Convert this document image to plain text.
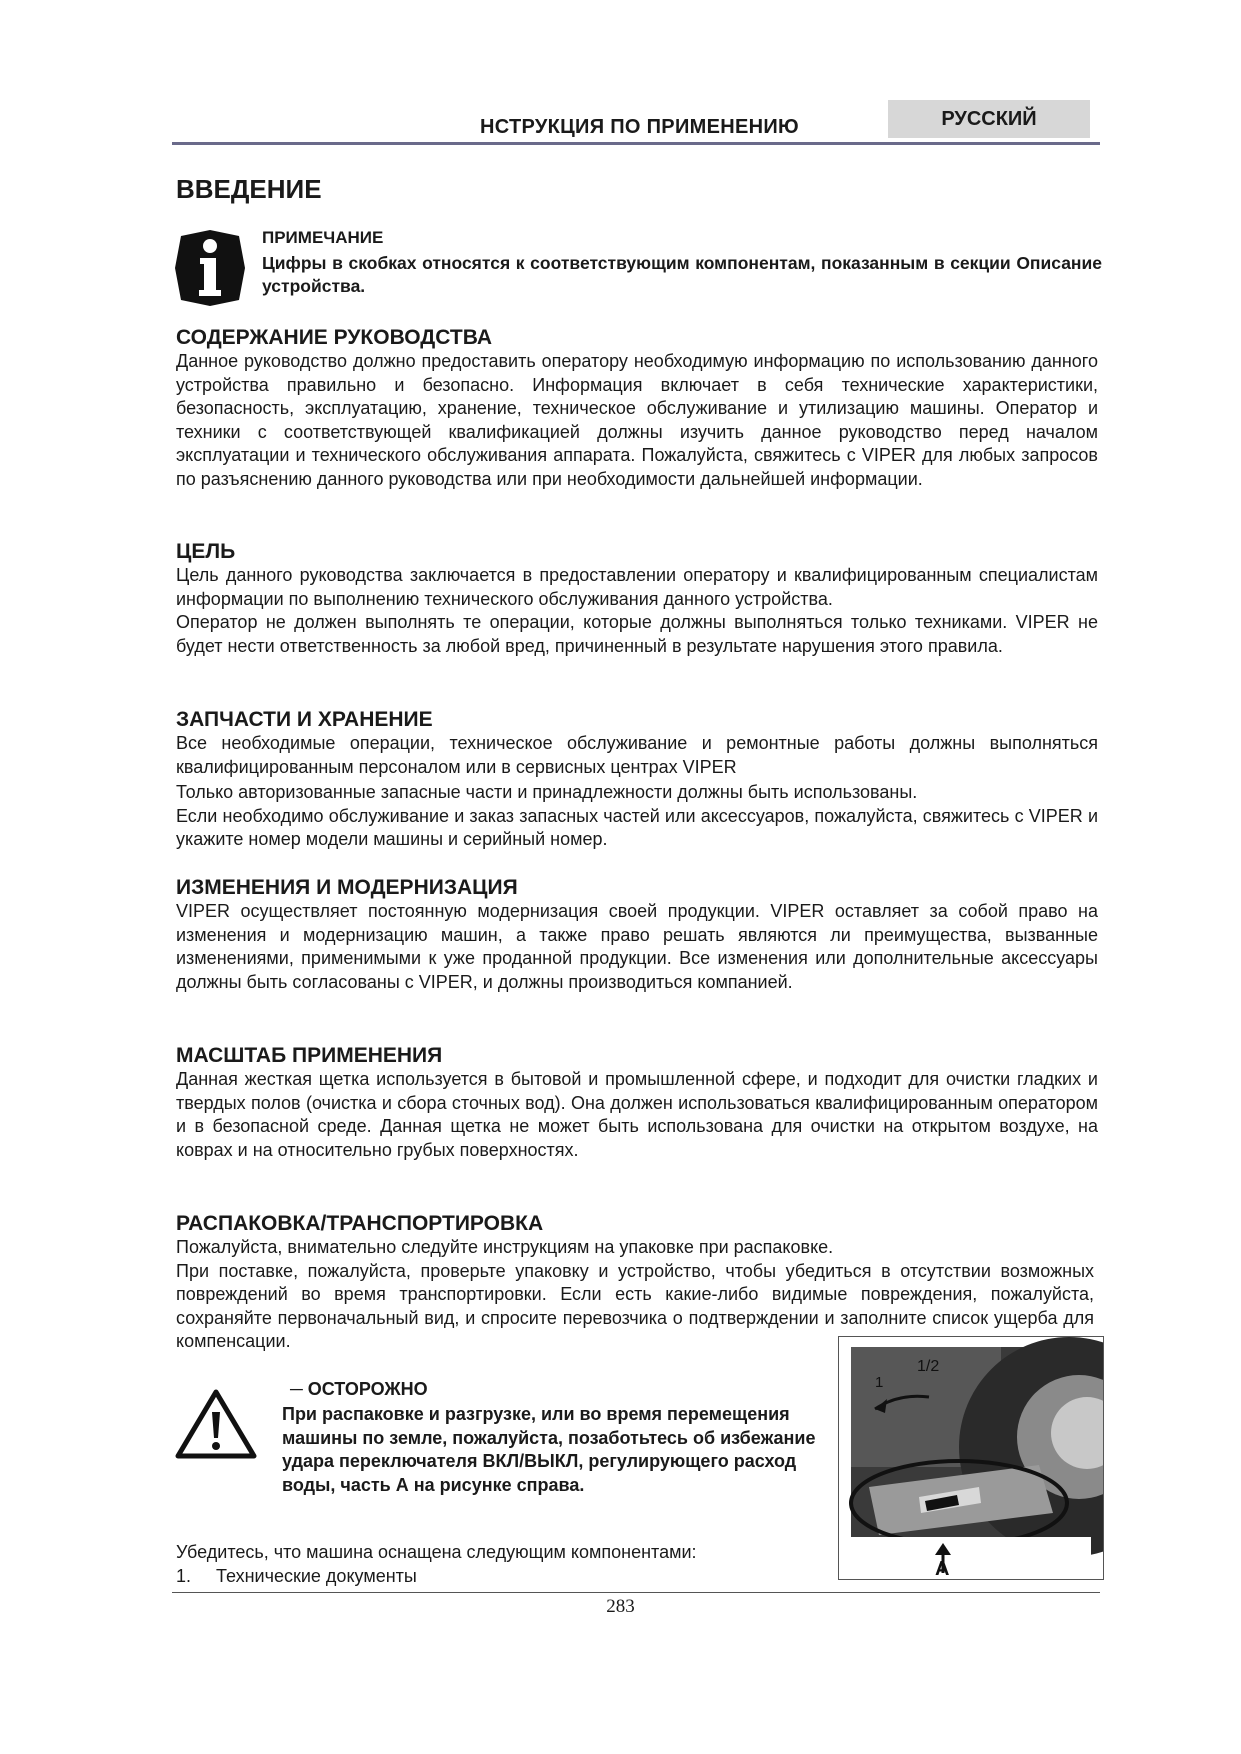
НСТРУКЦИЯ ПО ПРИМЕНЕНИЮ	РУССКИЙ
ВВЕДЕНИЕ
ПРИМЕЧАНИЕ
Цифры в скобках относятся к соответствующим компонентам, показанным в секции Описание устройства.
СОДЕРЖАНИЕ РУКОВОДСТВА

Данное руководство должно предоставить оператору необходимую информацию по использованию данного устройства правильно и безопасно. Информация включает в себя технические характеристики, безопасность, эксплуатацию, хранение, техническое обслуживание и утилизацию машины. Оператор и техники с соответствующей квалификацией должны изучить данное руководство перед началом эксплуатации и технического обслуживания аппарата. Пожалуйста, свяжитесь с VIPER для любых запросов по разъяснению данного руководства или при необходимости дальнейшей информации.

ЦЕЛЬ

Цель данного руководства заключается в предоставлении оператору и квалифицированным специалистам информации по выполнению технического обслуживания данного устройства.

Оператор не должен выполнять те операции, которые должны выполняться только техниками. VIPER не будет нести ответственность за любой вред, причиненный в результате нарушения этого правила.

ЗАПЧАСТИ И ХРАНЕНИЕ

Все необходимые операции, техническое обслуживание и ремонтные работы должны выполняться квалифицированным персоналом или в сервисных центрах VIPER

Только авторизованные запасные части и принадлежности должны быть использованы.

Если необходимо обслуживание и заказ запасных частей или аксессуаров, пожалуйста, свяжитесь с VIPER и укажите номер модели машины и серийный номер.

ИЗМЕНЕНИЯ И МОДЕРНИЗАЦИЯ

VIPER осуществляет постоянную модернизация своей продукции. VIPER оставляет за собой право на изменения и модернизацию машин, а также право решать являются ли преимущества, вызванные изменениями, применимыми к уже проданной продукции. Все изменения или дополнительные аксессуары должны быть согласованы с VIPER, и должны производиться компанией.

МАСШТАБ ПРИМЕНЕНИЯ

Данная жесткая щетка используется в бытовой и промышленной сфере, и подходит для очистки гладких и твердых полов (очистка и сбора сточных вод). Она должен использоваться квалифицированным оператором и в безопасной среде. Данная щетка не может быть использована для очистки на открытом воздухе, на коврах и на относительно грубых поверхностях.

РАСПАКОВКА/ТРАНСПОРТИРОВКА

Пожалуйста, внимательно следуйте инструкциям на упаковке при распаковке.

При поставке, пожалуйста, проверьте упаковку и устройство, чтобы убедиться в отсутствии возможных повреждений во время транспортировки. Если есть какие-либо видимые повреждения, пожалуйста, сохраняйте первоначальный вид, и спросите перевозчика о подтверждении и заполните список ущерба для компенсации.

─ ОСТОРОЖНО
При распаковке и разгрузке, или во время перемещения машины по земле, пожалуйста, позаботьтесь об избежание удара переключателя ВКЛ/ВЫКЛ, регулирующего расход воды, часть А на рисунке справа.
1
1/2
A
Убедитесь, что машина оснащена следующим компонентами:
1. Технические документы
283
